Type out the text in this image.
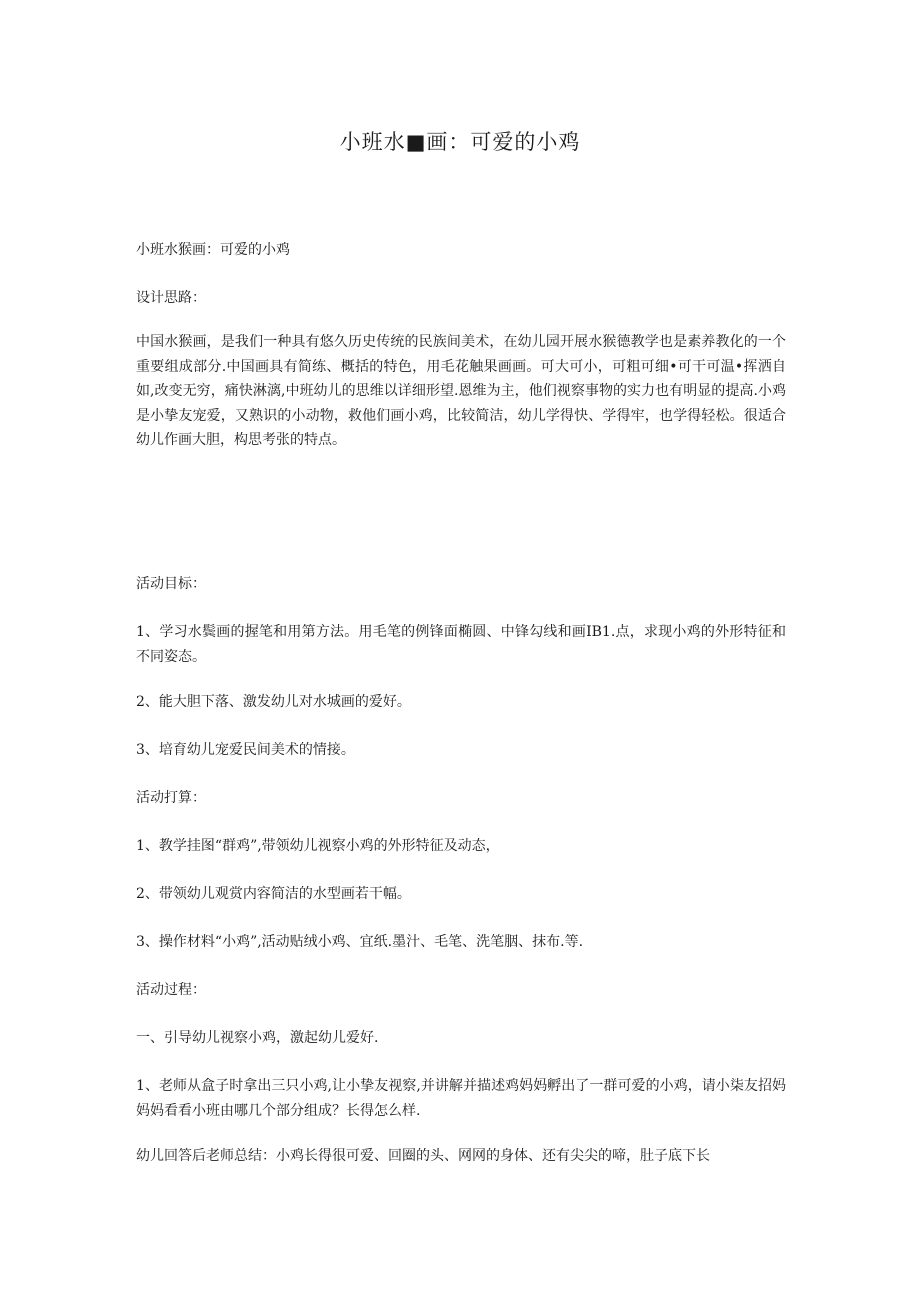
小班水■画：可爱的小鸡

小班水猴画：可爱的小鸡

设计思路：

中国水猴画，是我们一种具有悠久历史传统的民族间美术，在幼儿园开展水猴德教学也是素养教化的一个重要组成部分.中国画具有简练、概括的特色，用毛花触果画画。可大可小，可粗可细•可干可温•挥洒自如,改变无穷，痛快淋漓,中班幼儿的思维以详细形望.恩维为主，他们视察事物的实力也有明显的提高.小鸡是小挚友宠爱，又熟识的小动物，救他们画小鸡，比较简洁，幼儿学得快、学得牢，也学得轻松。很适合幼儿作画大胆，构思考张的特点。

活动目标：

1、学习水鬓画的握笔和用第方法。用毛笔的例锋面椭圆、中锋勾线和画IB1.点，求现小鸡的外形特征和不同姿态。

2、能大胆下落、激发幼儿对水城画的爱好。

3、培育幼儿宠爱民间美术的情接。

活动打算：

1、教学挂图“群鸡”,带领幼儿视察小鸡的外形特征及动态，

2、带领幼儿观赏内容简洁的水型画若干幅。

3、操作材料“小鸡”,活动贴绒小鸡、宜纸.墨汁、毛笔、洗笔胭、抹布.等.

活动过程：

一、引导幼儿视察小鸡，激起幼儿爱好.

1、老师从盒子时拿出三只小鸡,让小挚友视察,并讲解并描述鸡妈妈孵出了一群可爱的小鸡，请小柒友招妈妈妈看看小班由哪几个部分组成？长得怎么样.

幼儿回答后老师总结：小鸡长得很可爱、回圈的头、网网的身体、还有尖尖的啼，肚子底下长
